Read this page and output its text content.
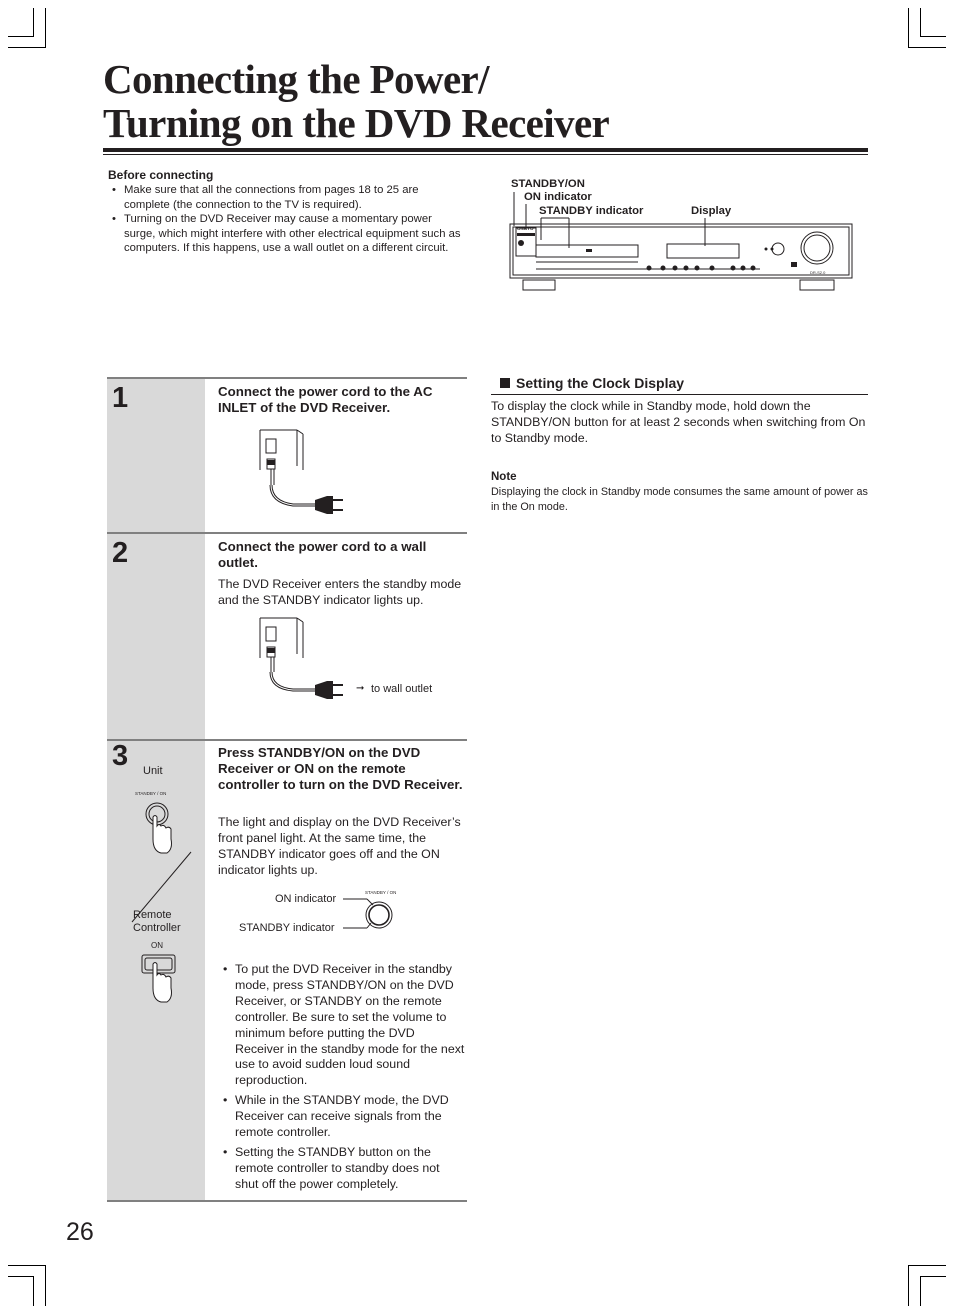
Connecting the Power/
Turning on the DVD Receiver
Before connecting
• Make sure that all the connections from pages 18 to 25 are complete (the connection to the TV is required).
• Turning on the DVD Receiver may cause a momentary power surge, which might interfere with other electrical equipment such as computers. If this happens, use a wall outlet on a different circuit.
STANDBY/ON
ON indicator
STANDBY indicator	Display
ONKYO
DR-S2.0
1	Connect the power cord to the AC INLET of the DVD Receiver.
2	Connect the power cord to a wall outlet.
The DVD Receiver enters the standby mode and the STANDBY indicator lights up.
➞ to wall outlet
3	Press STANDBY/ON on the DVD Receiver or ON on the remote controller to turn on the DVD Receiver.
The light and display on the DVD Receiver’s front panel light. At the same time, the STANDBY indicator goes off and the ON indicator lights up.
Unit
STANDBY / ON
Remote
Controller
ON
ON indicator
STANDBY indicator
STANDBY / ON
• To put the DVD Receiver in the standby mode, press STANDBY/ON on the DVD Receiver, or STANDBY on the remote controller. Be sure to set the volume to minimum before putting the DVD Receiver in the standby mode for the next use to avoid sudden loud sound reproduction.
• While in the STANDBY mode, the DVD Receiver can receive signals from the remote controller.
• Setting the STANDBY button on the remote controller to standby does not shut off the power completely.
Setting the Clock Display
To display the clock while in Standby mode, hold down the STANDBY/ON button for at least 2 seconds when switching from On to Standby mode.
Note
Displaying the clock in Standby mode consumes the same amount of power as in the On mode.
26
